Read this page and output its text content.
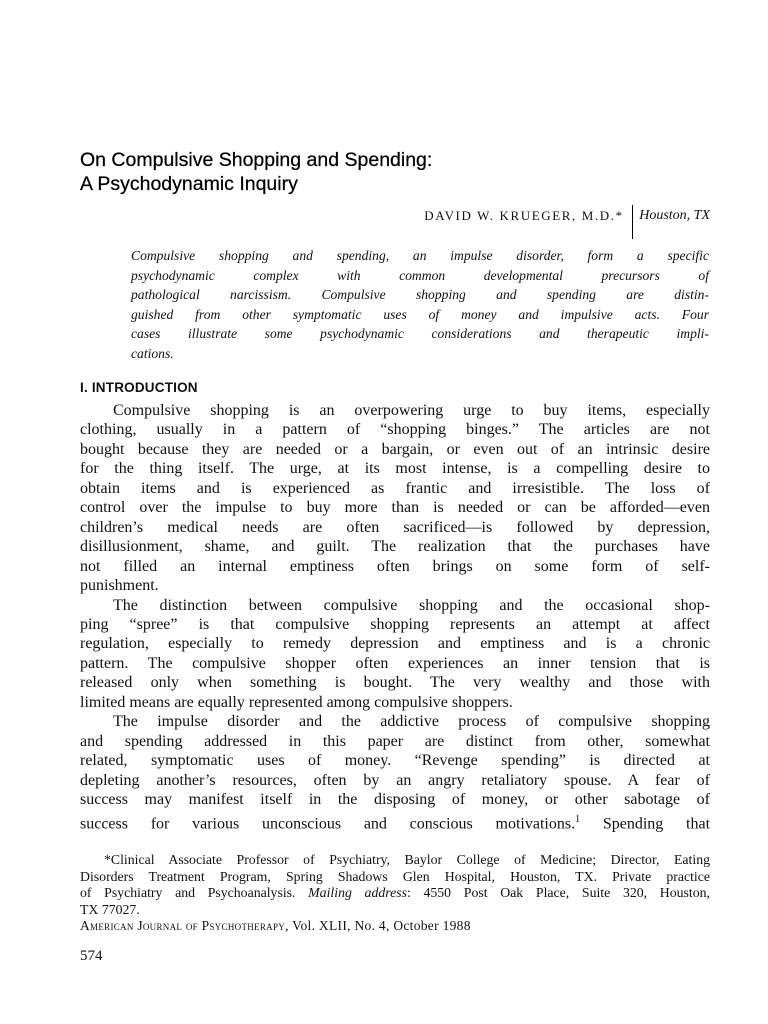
On Compulsive Shopping and Spending:
A Psychodynamic Inquiry
DAVID W. KRUEGER, M.D.*	Houston, TX
Compulsive shopping and spending, an impulse disorder, form a specific
psychodynamic complex with common developmental precursors of
pathological narcissism. Compulsive shopping and spending are distin-
guished from other symptomatic uses of money and impulsive acts. Four
cases illustrate some psychodynamic considerations and therapeutic impli-
cations.
I. INTRODUCTION
Compulsive shopping is an overpowering urge to buy items, especially
clothing, usually in a pattern of “shopping binges.” The articles are not
bought because they are needed or a bargain, or even out of an intrinsic desire
for the thing itself. The urge, at its most intense, is a compelling desire to
obtain items and is experienced as frantic and irresistible. The loss of
control over the impulse to buy more than is needed or can be afforded—even
children’s medical needs are often sacrificed—is followed by depression,
disillusionment, shame, and guilt. The realization that the purchases have
not filled an internal emptiness often brings on some form of self-
punishment.
The distinction between compulsive shopping and the occasional shop-
ping “spree” is that compulsive shopping represents an attempt at affect
regulation, especially to remedy depression and emptiness and is a chronic
pattern. The compulsive shopper often experiences an inner tension that is
released only when something is bought. The very wealthy and those with
limited means are equally represented among compulsive shoppers.
The impulse disorder and the addictive process of compulsive shopping
and spending addressed in this paper are distinct from other, somewhat
related, symptomatic uses of money. “Revenge spending” is directed at
depleting another’s resources, often by an angry retaliatory spouse. A fear of
success may manifest itself in the disposing of money, or other sabotage of
success for various unconscious and conscious motivations.$^1$ Spending that
*Clinical Associate Professor of Psychiatry, Baylor College of Medicine; Director, Eating
Disorders Treatment Program, Spring Shadows Glen Hospital, Houston, TX. Private practice
of Psychiatry and Psychoanalysis. Mailing address: 4550 Post Oak Place, Suite 320, Houston,
TX 77027.
American Journal of Psychotherapy, Vol. XLII, No. 4, October 1988
574
